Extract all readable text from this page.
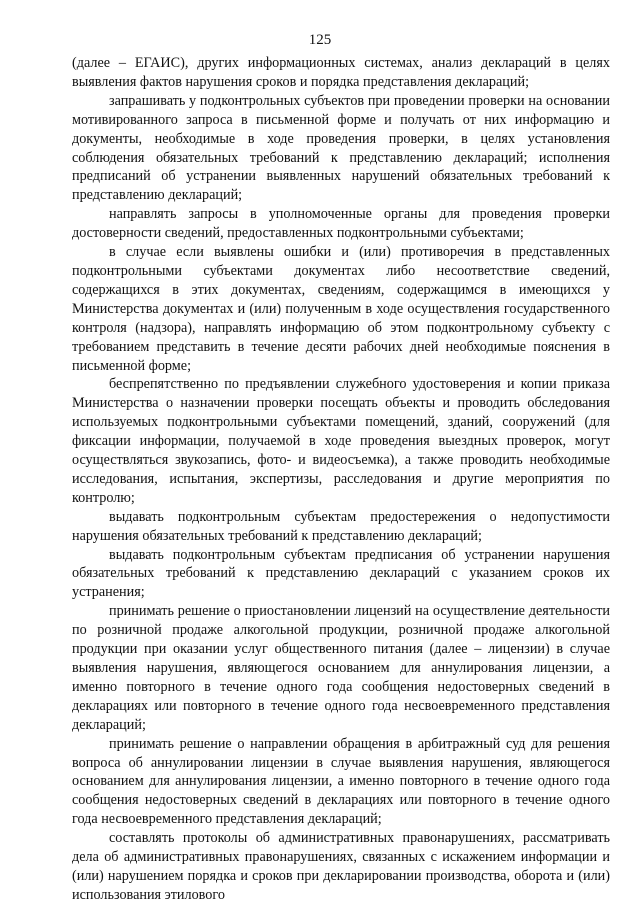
125

(далее – ЕГАИС), других информационных системах, анализ деклараций в целях выявления фактов нарушения сроков и порядка представления деклараций;

запрашивать у подконтрольных субъектов при проведении проверки на основании мотивированного запроса в письменной форме и получать от них информацию и документы, необходимые в ходе проведения проверки, в целях установления соблюдения обязательных требований к представлению деклараций; исполнения предписаний об устранении выявленных нарушений обязательных требований к представлению деклараций;

направлять запросы в уполномоченные органы для проведения проверки достоверности сведений, предоставленных подконтрольными субъектами;

в случае если выявлены ошибки и (или) противоречия в представленных подконтрольными субъектами документах либо несоответствие сведений, содержащихся в этих документах, сведениям, содержащимся в имеющихся у Министерства документах и (или) полученным в ходе осуществления государственного контроля (надзора), направлять информацию об этом подконтрольному субъекту с требованием представить в течение десяти рабочих дней необходимые пояснения в письменной форме;

беспрепятственно по предъявлении служебного удостоверения и копии приказа Министерства о назначении проверки посещать объекты и проводить обследования используемых подконтрольными субъектами помещений, зданий, сооружений (для фиксации информации, получаемой в ходе проведения выездных проверок, могут осуществляться звукозапись, фото- и видеосъемка), а также проводить необходимые исследования, испытания, экспертизы, расследования и другие мероприятия по контролю;

выдавать подконтрольным субъектам предостережения о недопустимости нарушения обязательных требований к представлению деклараций;

выдавать подконтрольным субъектам предписания об устранении нарушения обязательных требований к представлению деклараций с указанием сроков их устранения;

принимать решение о приостановлении лицензий на осуществление деятельности по розничной продаже алкогольной продукции, розничной продаже алкогольной продукции при оказании услуг общественного питания (далее – лицензии) в случае выявления нарушения, являющегося основанием для аннулирования лицензии, а именно повторного в течение одного года сообщения недостоверных сведений в декларациях или повторного в течение одного года несвоевременного представления деклараций;

принимать решение о направлении обращения в арбитражный суд для решения вопроса об аннулировании лицензии в случае выявления нарушения, являющегося основанием для аннулирования лицензии, а именно повторного в течение одного года сообщения недостоверных сведений в декларациях или повторного в течение одного года несвоевременного представления деклараций;

составлять протоколы об административных правонарушениях, рассматривать дела об административных правонарушениях, связанных с искажением информации и (или) нарушением порядка и сроков при декларировании производства, оборота и (или) использования этилового
